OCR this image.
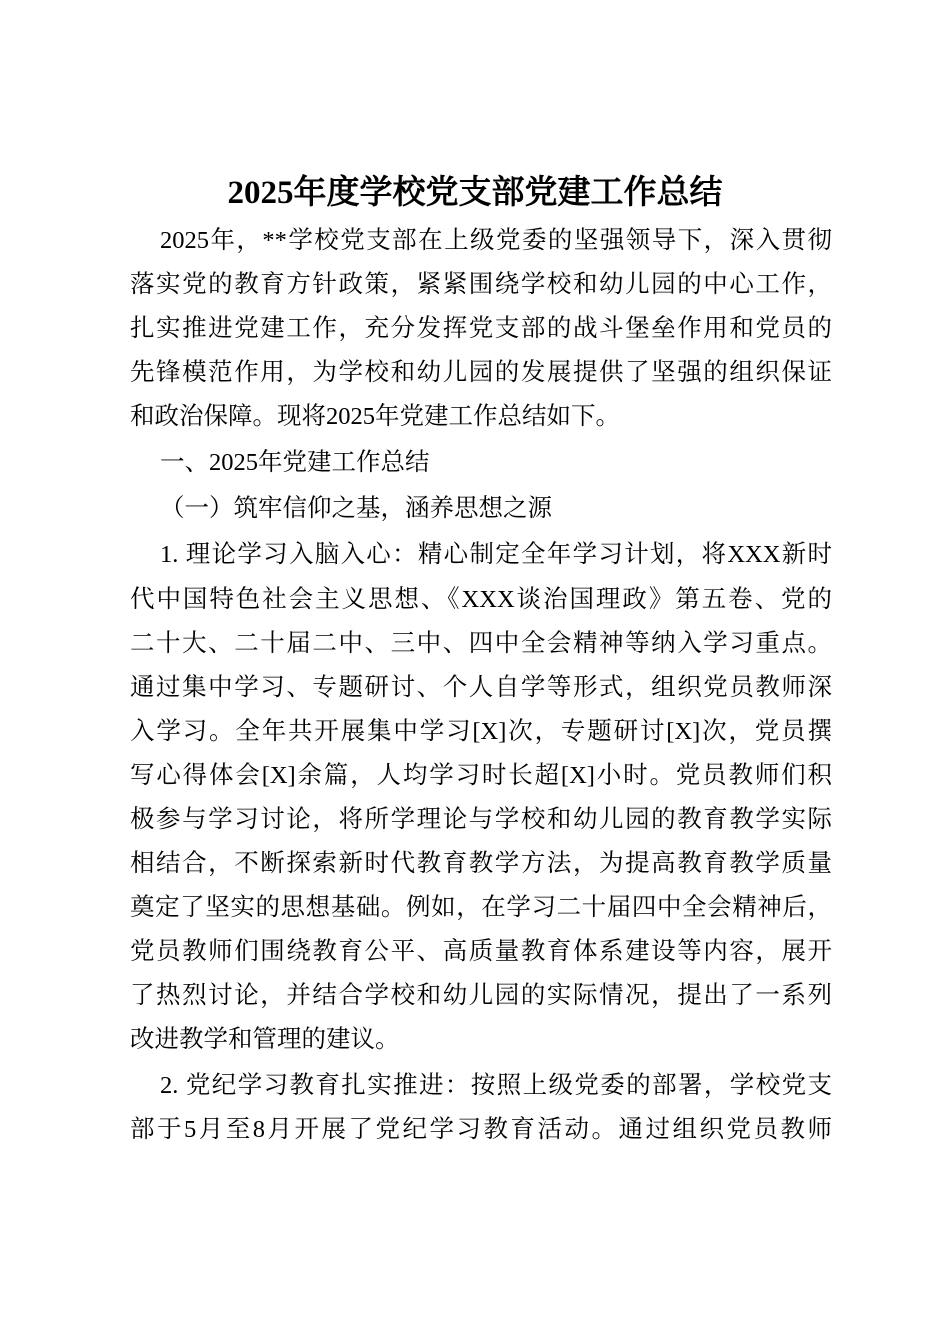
2025年度学校党支部党建工作总结
2025年，**学校党支部在上级党委的坚强领导下，深入贯彻
落实党的教育方针政策，紧紧围绕学校和幼儿园的中心工作，
扎实推进党建工作，充分发挥党支部的战斗堡垒作用和党员的
先锋模范作用，为学校和幼儿园的发展提供了坚强的组织保证
和政治保障。现将2025年党建工作总结如下。
一、2025年党建工作总结
（一）筑牢信仰之基，涵养思想之源
1. 理论学习入脑入心：精心制定全年学习计划，将XXX新时
代中国特色社会主义思想、《XXX谈治国理政》第五卷、党的
二十大、二十届二中、三中、四中全会精神等纳入学习重点。
通过集中学习、专题研讨、个人自学等形式，组织党员教师深
入学习。全年共开展集中学习[X]次，专题研讨[X]次，党员撰
写心得体会[X]余篇，人均学习时长超[X]小时。党员教师们积
极参与学习讨论，将所学理论与学校和幼儿园的教育教学实际
相结合，不断探索新时代教育教学方法，为提高教育教学质量
奠定了坚实的思想基础。例如，在学习二十届四中全会精神后，
党员教师们围绕教育公平、高质量教育体系建设等内容，展开
了热烈讨论，并结合学校和幼儿园的实际情况，提出了一系列
改进教学和管理的建议。
2. 党纪学习教育扎实推进：按照上级党委的部署，学校党支
部于5月至8月开展了党纪学习教育活动。通过组织党员教师
